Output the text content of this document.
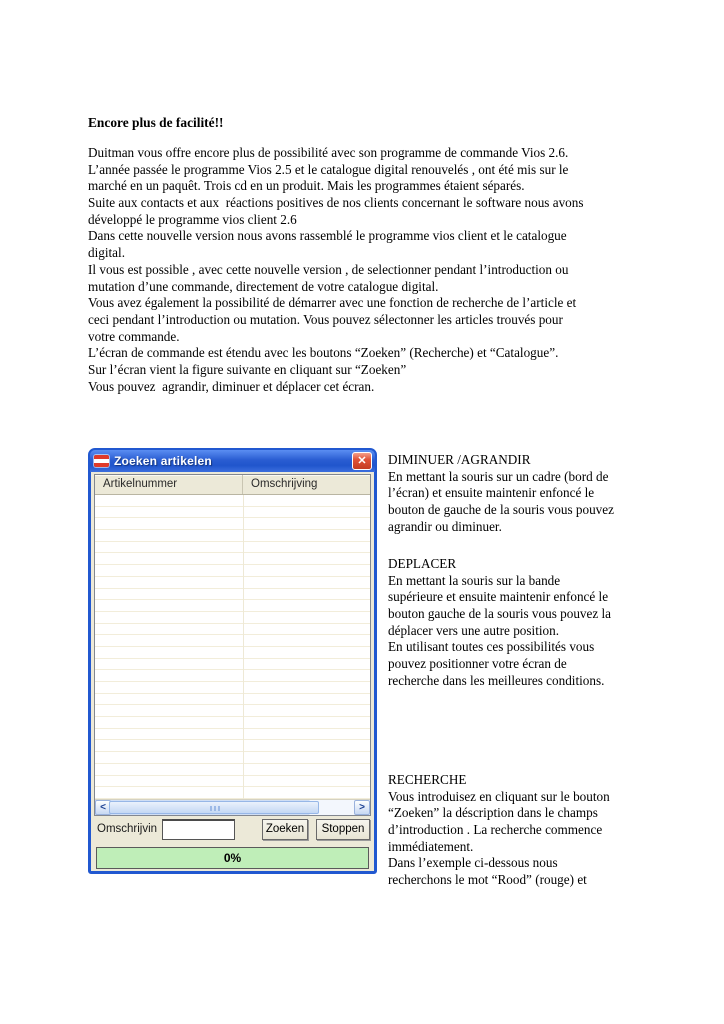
Encore plus de facilité!!
Duitman vous offre encore plus de possibilité avec son programme de commande Vios 2.6.
L’année passée le programme Vios 2.5 et le catalogue digital renouvelés , ont été mis sur le
marché en un paquêt. Trois cd en un produit. Mais les programmes étaient séparés.
Suite aux contacts et aux  réactions positives de nos clients concernant le software nous avons
développé le programme vios client 2.6
Dans cette nouvelle version nous avons rassemblé le programme vios client et le catalogue
digital.
Il vous est possible , avec cette nouvelle version , de selectionner pendant l’introduction ou
mutation d’une commande, directement de votre catalogue digital.
Vous avez également la possibilité de démarrer avec une fonction de recherche de l’article et
ceci pendant l’introduction ou mutation. Vous pouvez sélectonner les articles trouvés pour
votre commande.
L’écran de commande est étendu avec les boutons “Zoeken” (Recherche) et “Catalogue”.
Sur l’écran vient la figure suivante en cliquant sur “Zoeken”
Vous pouvez  agrandir, diminuer et déplacer cet écran.
Zoeken artikelen	✕
Artikelnummer	Omschrijving
<	>
Omschrijvin	Zoeken	Stoppen
0%
DIMINUER /AGRANDIR
En mettant la souris sur un cadre (bord de
l’écran) et ensuite maintenir enfoncé le
bouton de gauche de la souris vous pouvez
agrandir ou diminuer.
DEPLACER
En mettant la souris sur la bande
supérieure et ensuite maintenir enfoncé le
bouton gauche de la souris vous pouvez la
déplacer vers une autre position.
En utilisant toutes ces possibilités vous
pouvez positionner votre écran de
recherche dans les meilleures conditions.
RECHERCHE
Vous introduisez en cliquant sur le bouton
“Zoeken” la déscription dans le champs
d’introduction . La recherche commence
immédiatement.
Dans l’exemple ci-dessous nous
recherchons le mot “Rood” (rouge) et
